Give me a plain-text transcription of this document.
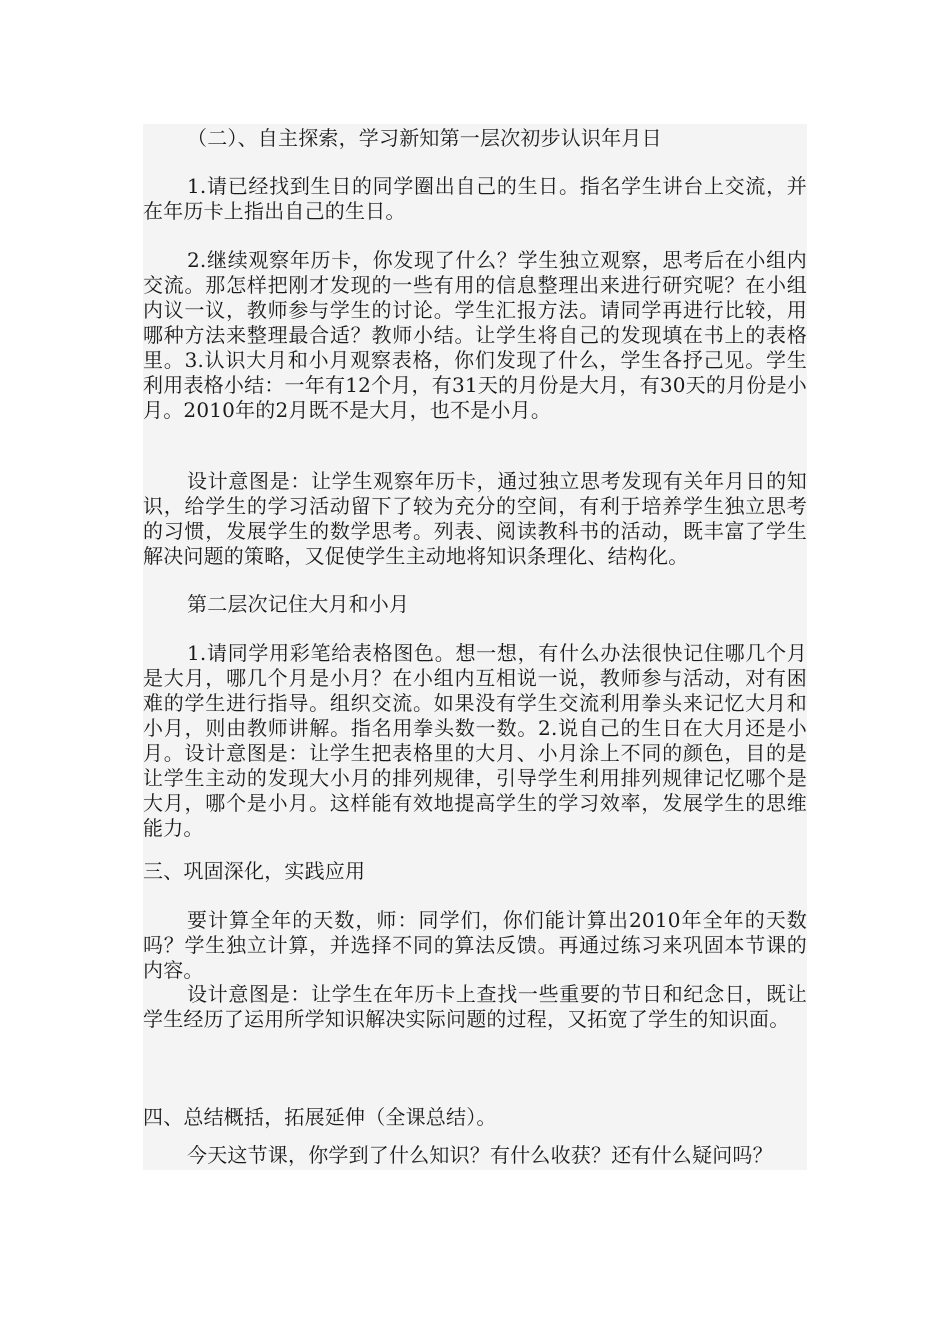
（二）、自主探索，学习新知第一层次初步认识年月日

1.请已经找到生日的同学圈出自己的生日。指名学生讲台上交流，并在年历卡上指出自己的生日。

2.继续观察年历卡，你发现了什么？学生独立观察，思考后在小组内交流。那怎样把刚才发现的一些有用的信息整理出来进行研究呢？在小组内议一议，教师参与学生的讨论。学生汇报方法。请同学再进行比较，用哪种方法来整理最合适？教师小结。让学生将自己的发现填在书上的表格里。3.认识大月和小月观察表格，你们发现了什么，学生各抒己见。学生利用表格小结：一年有12个月，有31天的月份是大月，有30天的月份是小月。2010年的2月既不是大月，也不是小月。

设计意图是：让学生观察年历卡，通过独立思考发现有关年月日的知识，给学生的学习活动留下了较为充分的空间，有利于培养学生独立思考的习惯，发展学生的数学思考。列表、阅读教科书的活动，既丰富了学生解决问题的策略，又促使学生主动地将知识条理化、结构化。

第二层次记住大月和小月

1.请同学用彩笔给表格图色。想一想，有什么办法很快记住哪几个月是大月，哪几个月是小月？在小组内互相说一说，教师参与活动，对有困难的学生进行指导。组织交流。如果没有学生交流利用拳头来记忆大月和小月，则由教师讲解。指名用拳头数一数。2.说自己的生日在大月还是小月。设计意图是：让学生把表格里的大月、小月涂上不同的颜色，目的是让学生主动的发现大小月的排列规律，引导学生利用排列规律记忆哪个是大月，哪个是小月。这样能有效地提高学生的学习效率，发展学生的思维能力。

三、巩固深化，实践应用

要计算全年的天数，师：同学们，你们能计算出2010年全年的天数吗？学生独立计算，并选择不同的算法反馈。再通过练习来巩固本节课的内容。

设计意图是：让学生在年历卡上查找一些重要的节日和纪念日，既让学生经历了运用所学知识解决实际问题的过程，又拓宽了学生的知识面。

四、总结概括，拓展延伸（全课总结）。

今天这节课，你学到了什么知识？有什么收获？还有什么疑问吗？
